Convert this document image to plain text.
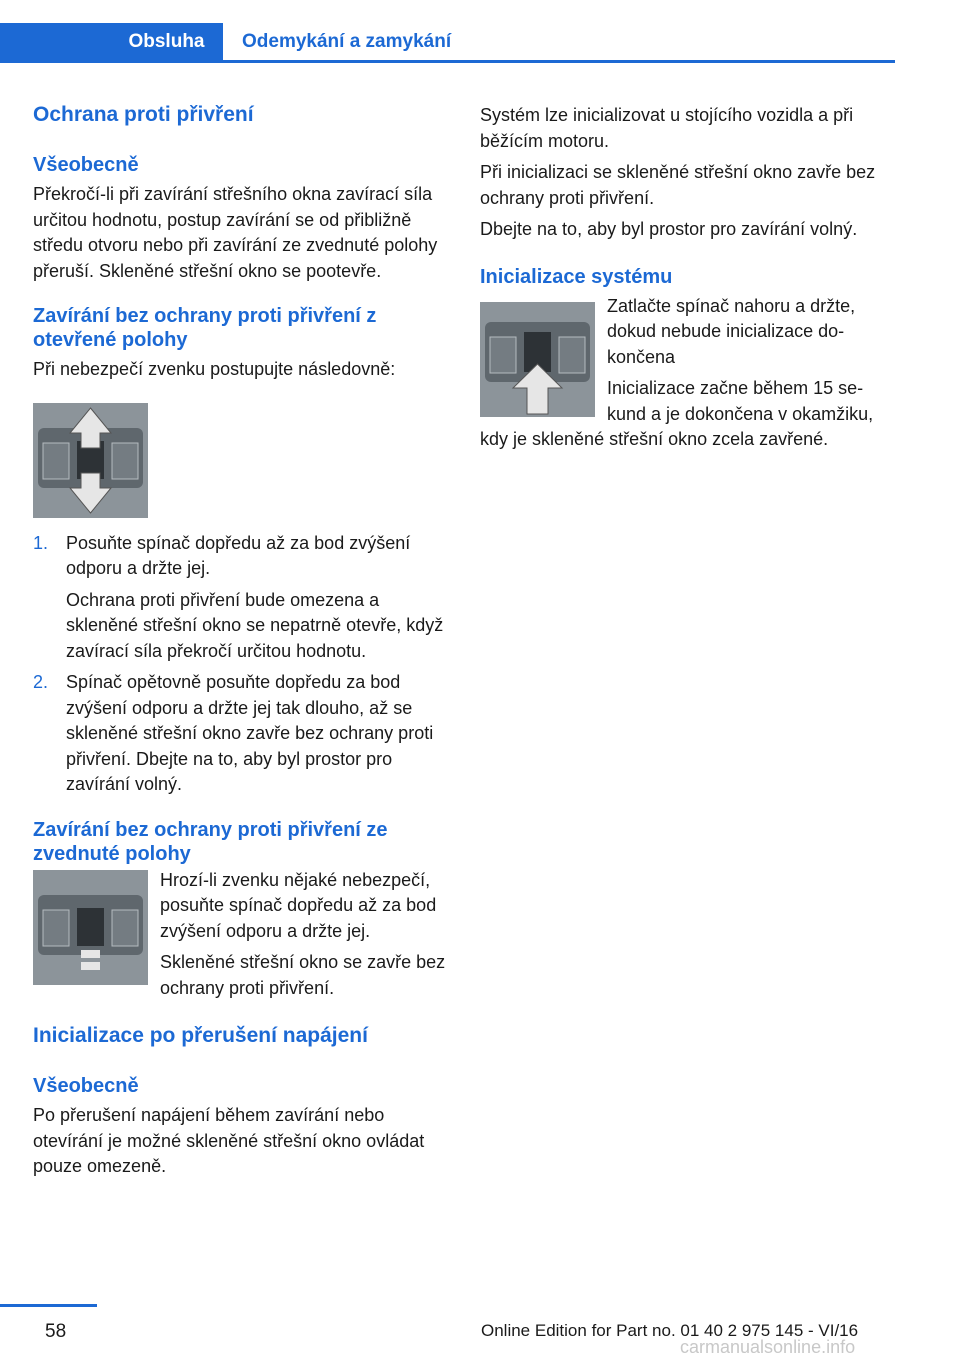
Obsluha	Odemykání a zamykání
Ochrana proti přivření
Všeobecně

Překročí-li při zavírání střešního okna zavírací síla určitou hodnotu, postup zavírání se od přibližně středu otvoru nebo při zavírání ze zvednuté polohy přeruší. Skleněné střešní okno se pootevře.

Zavírání bez ochrany proti přivření z otevřené polohy

Při nebezpečí zvenku postupujte následovně:

1. Posuňte spínač dopředu až za bod zvýšení odporu a držte jej.
Ochrana proti přivření bude omezena a skleněné střešní okno se nepatrně otevře, když zavírací síla překročí určitou hodnotu.
2. Spínač opětovně posuňte dopředu za bod zvýšení odporu a držte jej tak dlouho, až se skleněné střešní okno zavře bez ochrany proti přivření. Dbejte na to, aby byl prostor pro zavírání volný.
Zavírání bez ochrany proti přivření ze zvednuté polohy

Hrozí-li zvenku nějaké nebezpečí, posuňte spínač dopředu až za bod zvýšení odporu a držte jej.

Skleněné střešní okno se zavře bez ochrany proti přivření.

Inicializace po přerušení napájení
Všeobecně

Po přerušení napájení během zavírání nebo otevírání je možné skleněné střešní okno ovládat pouze omezeně.

Systém lze inicializovat u stojícího vozidla a při běžícím motoru.

Při inicializaci se skleněné střešní okno zavře bez ochrany proti přivření.

Dbejte na to, aby byl prostor pro zavírání volný.

Inicializace systému

Zatlačte spínač nahoru a držte, dokud nebude inicializace dokončena

Inicializace začne během 15 sekund a je dokončena v okamžiku, kdy je skleněné střešní okno zcela zavřené.

58	Online Edition for Part no. 01 40 2 975 145 - VI/16
carmanualsonline.info
